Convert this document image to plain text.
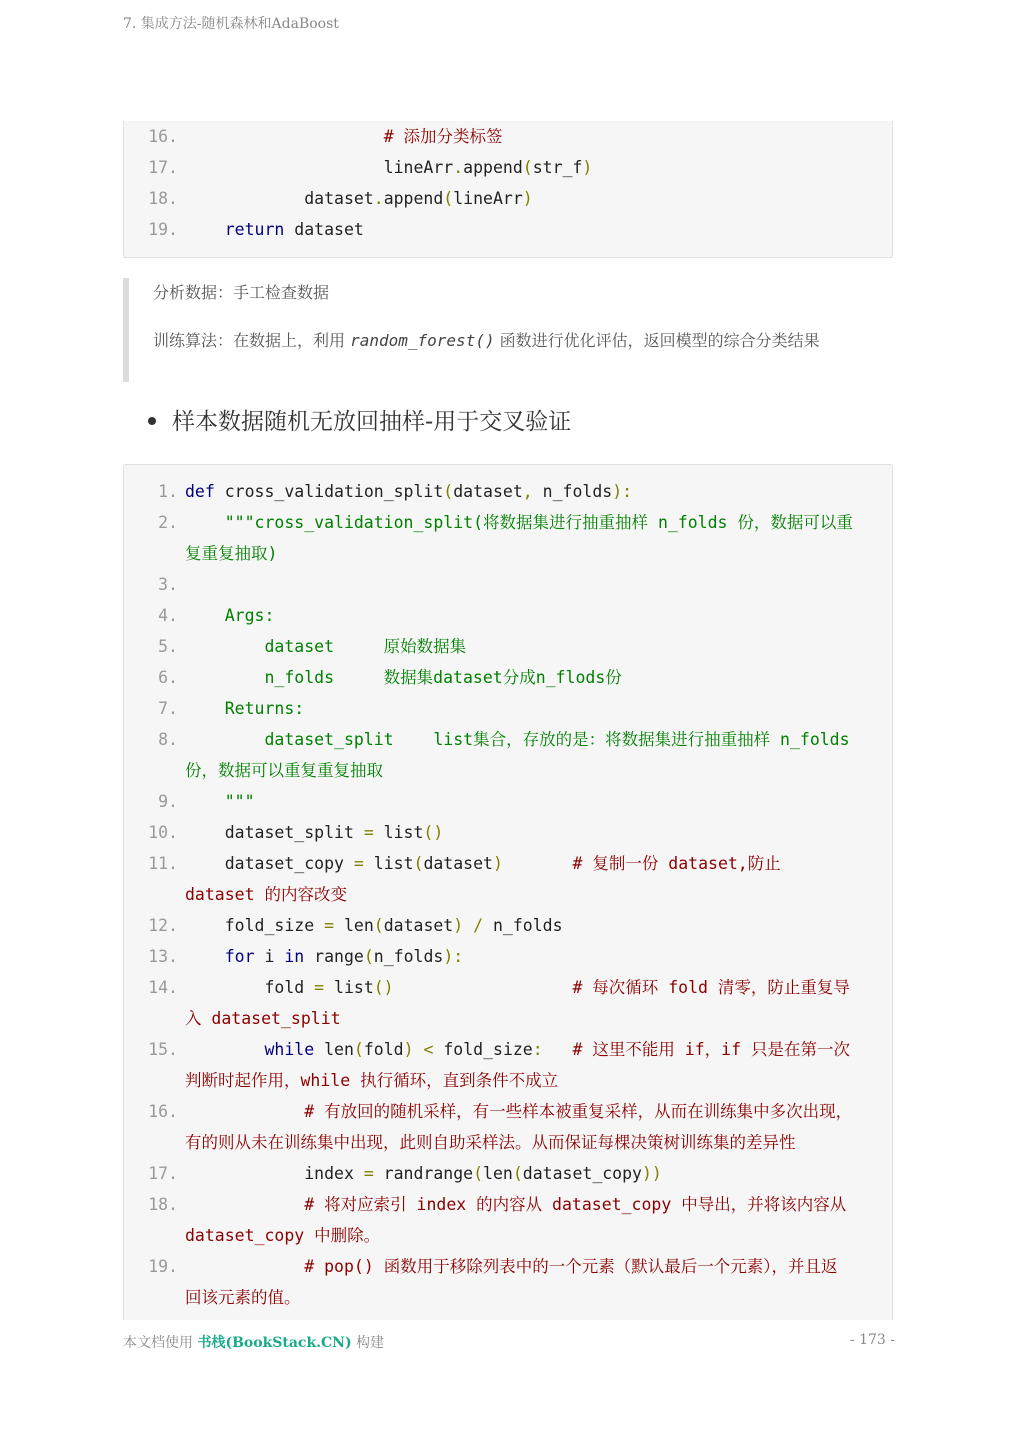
7. 集成方法-随机森林和AdaBoost
16.	# 添加分类标签
17. lineArr.append(str_f)
18. dataset.append(lineArr)
19.	return dataset

分析数据：手工检查数据

训练算法：在数据上，利用 random_forest() 函数进行优化评估，返回模型的综合分类结果

样本数据随机无放回抽样-用于交叉验证
1. def cross_validation_split(dataset, n_folds):
2. """cross_validation_split(将数据集进行抽重抽样 n_folds 份，数据可以重
复重复抽取)
3.

4. Args:
5. dataset     原始数据集
6. n_folds     数据集dataset分成n_flods份
7. Returns:
8. dataset_split    list集合，存放的是：将数据集进行抽重抽样 n_folds
份，数据可以重复重复抽取
9. """
10. dataset_split = list()
11. dataset_copy = list(dataset)	# 复制一份 dataset,防止
dataset 的内容改变
12. fold_size = len(dataset) / n_folds
13.	for i in range(n_folds):
14. fold = list()	# 每次循环 fold 清零，防止重复导
入 dataset_split
15.	while len(fold) < fold_size: # 这里不能用 if，if 只是在第一次
判断时起作用，while 执行循环，直到条件不成立
16.	# 有放回的随机采样，有一些样本被重复采样，从而在训练集中多次出现，
有的则从未在训练集中出现，此则自助采样法。从而保证每棵决策树训练集的差异性
17. index = randrange(len(dataset_copy))
18.	# 将对应索引 index 的内容从 dataset_copy 中导出，并将该内容从
dataset_copy 中删除。
19.	# pop() 函数用于移除列表中的一个元素（默认最后一个元素），并且返
回该元素的值。
本文档使用 书栈(BookStack.CN) 构建	- 173 -
